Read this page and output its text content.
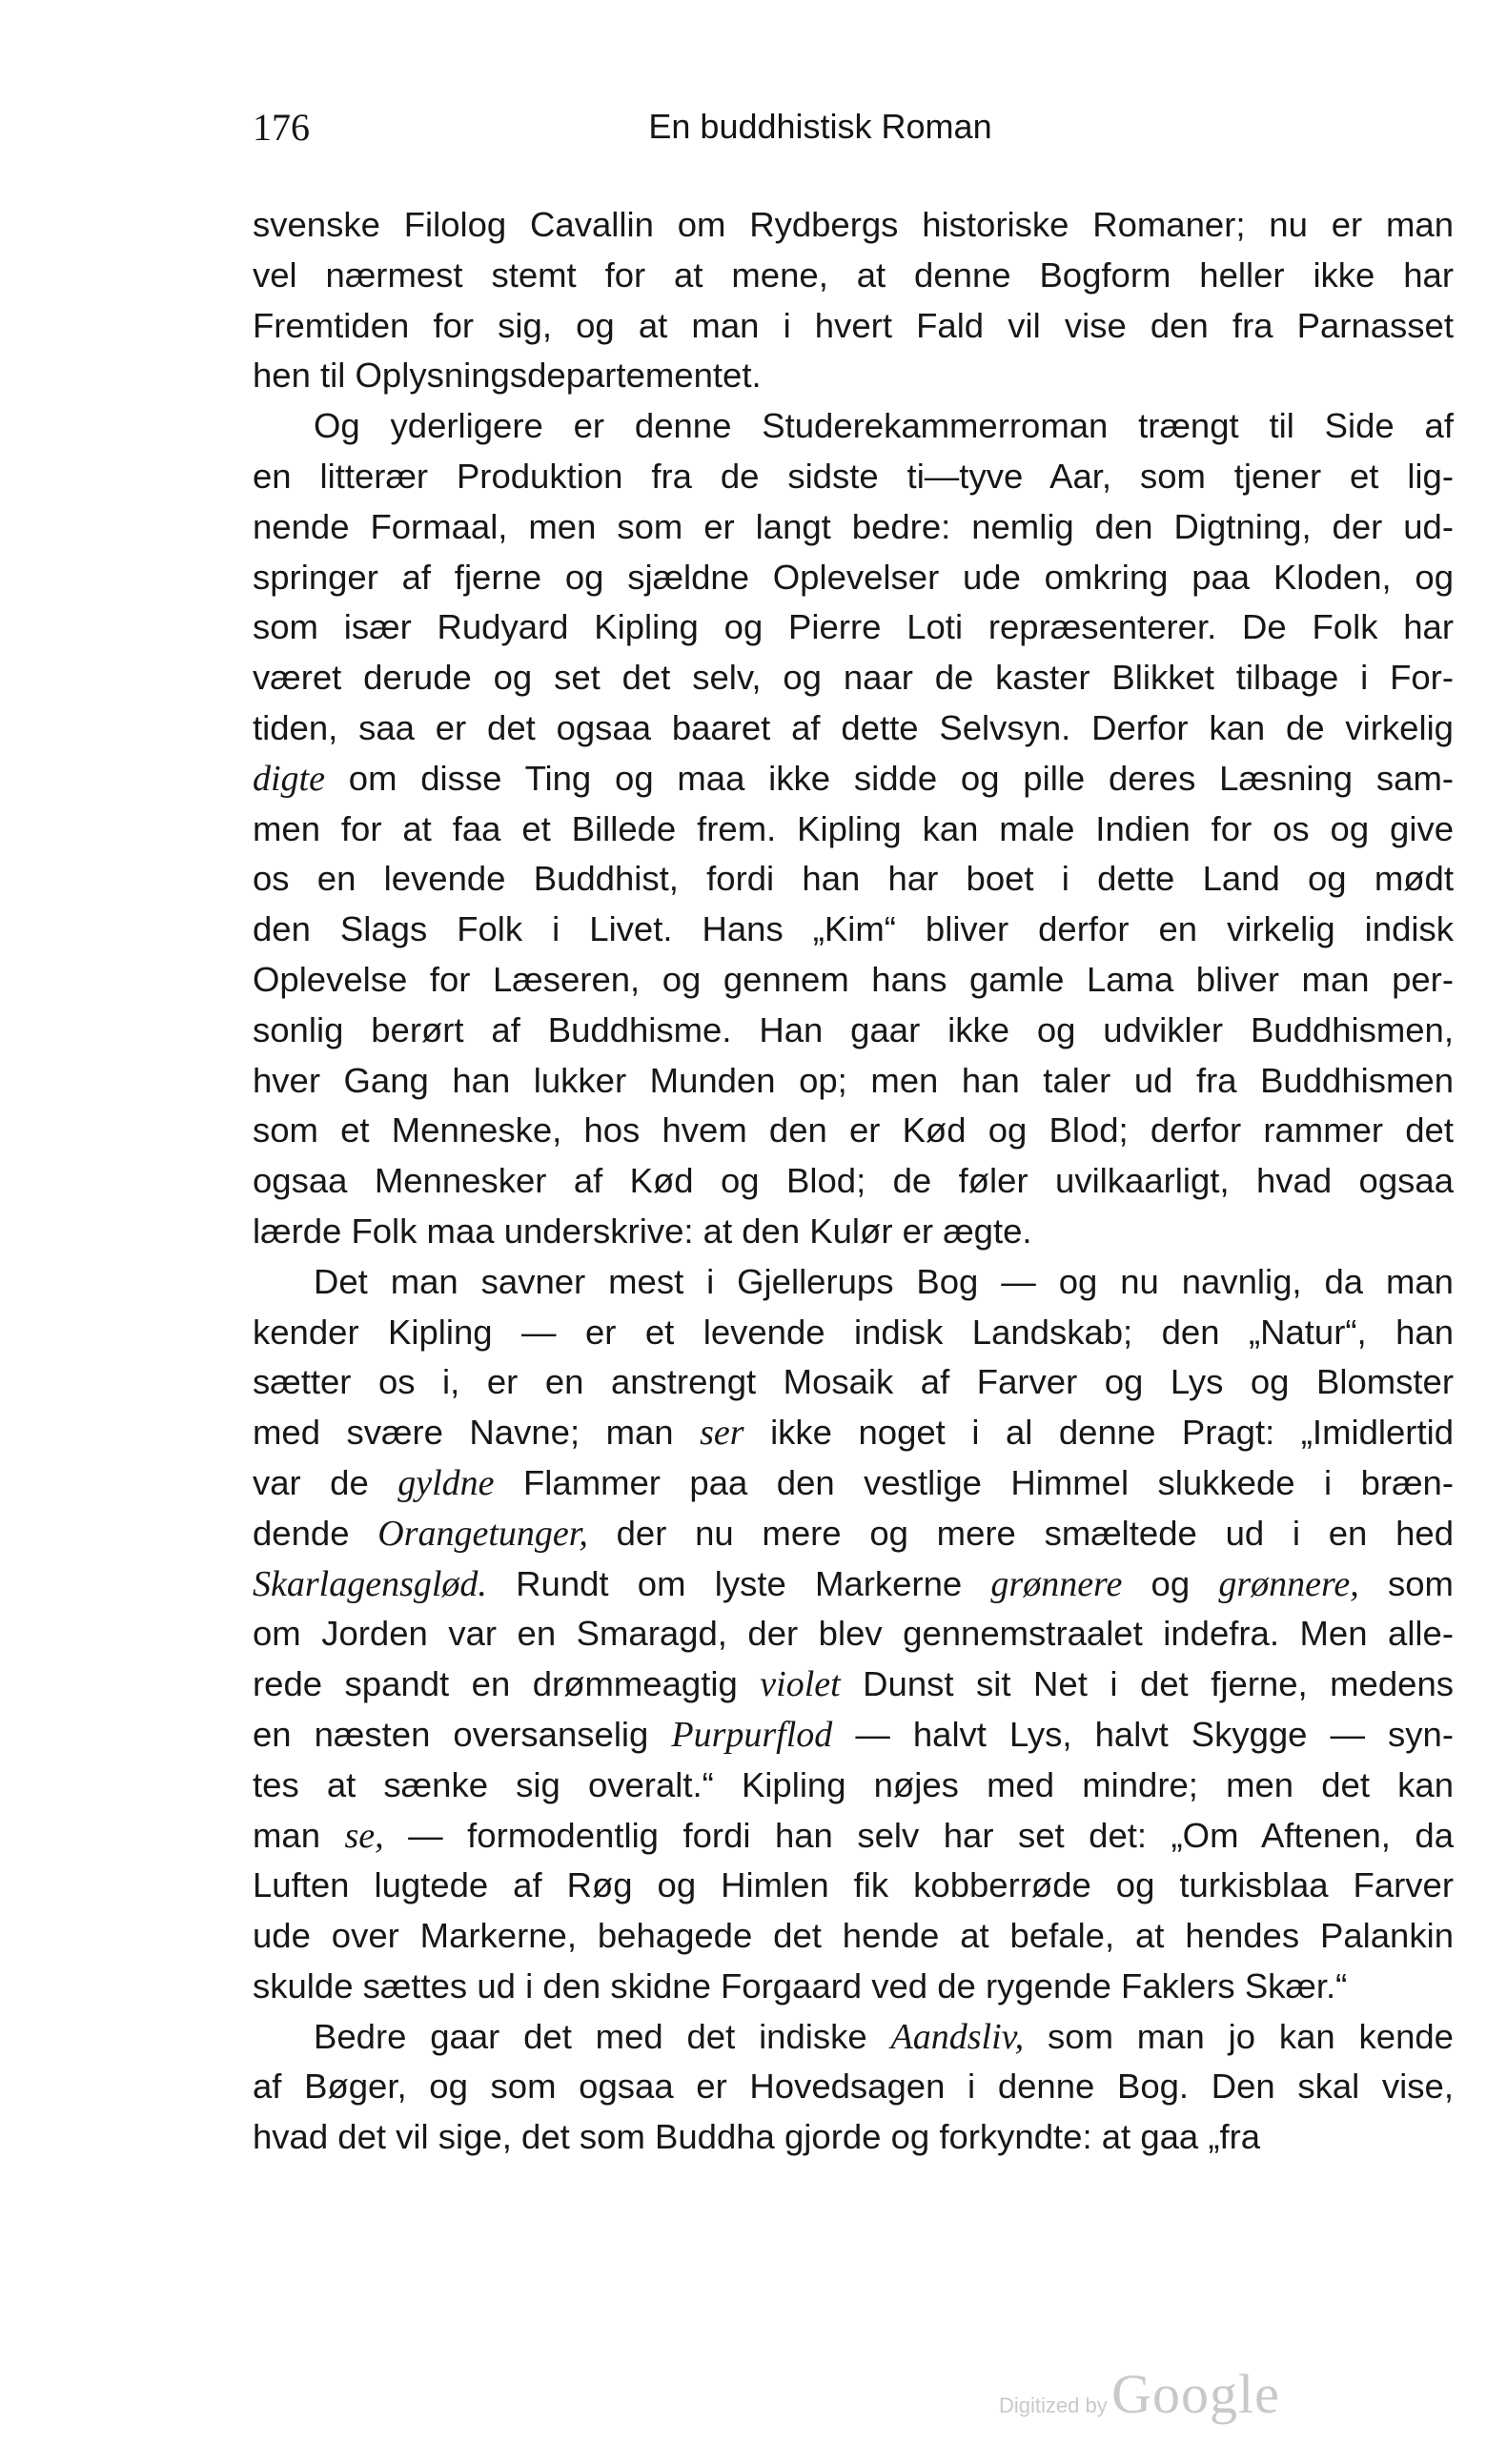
176	En buddhistisk Roman
svenske Filolog Cavallin om Rydbergs historiske Romaner; nu er man
vel nærmest stemt for at mene, at denne Bogform heller ikke har
Fremtiden for sig, og at man i hvert Fald vil vise den fra Parnasset
hen til Oplysningsdepartementet.
Og yderligere er denne Studerekammerroman trængt til Side af
en litterær Produktion fra de sidste ti—tyve Aar, som tjener et lig-
nende Formaal, men som er langt bedre: nemlig den Digtning, der ud-
springer af fjerne og sjældne Oplevelser ude omkring paa Kloden, og
som især Rudyard Kipling og Pierre Loti repræsenterer. De Folk har
været derude og set det selv, og naar de kaster Blikket tilbage i For-
tiden, saa er det ogsaa baaret af dette Selvsyn. Derfor kan de virkelig
digte om disse Ting og maa ikke sidde og pille deres Læsning sam-
men for at faa et Billede frem. Kipling kan male Indien for os og give
os en levende Buddhist, fordi han har boet i dette Land og mødt
den Slags Folk i Livet. Hans „Kim“ bliver derfor en virkelig indisk
Oplevelse for Læseren, og gennem hans gamle Lama bliver man per-
sonlig berørt af Buddhisme. Han gaar ikke og udvikler Buddhismen,
hver Gang han lukker Munden op; men han taler ud fra Buddhismen
som et Menneske, hos hvem den er Kød og Blod; derfor rammer det
ogsaa Mennesker af Kød og Blod; de føler uvilkaarligt, hvad ogsaa
lærde Folk maa underskrive: at den Kulør er ægte.
Det man savner mest i Gjellerups Bog — og nu navnlig, da man
kender Kipling — er et levende indisk Landskab; den „Natur“, han
sætter os i, er en anstrengt Mosaik af Farver og Lys og Blomster
med svære Navne; man ser ikke noget i al denne Pragt: „Imidlertid
var de gyldne Flammer paa den vestlige Himmel slukkede i bræn-
dende Orangetunger, der nu mere og mere smæltede ud i en hed
Skarlagensglød. Rundt om lyste Markerne grønnere og grønnere, som
om Jorden var en Smaragd, der blev gennemstraalet indefra. Men alle-
rede spandt en drømmeagtig violet Dunst sit Net i det fjerne, medens
en næsten oversanselig Purpurflod — halvt Lys, halvt Skygge — syn-
tes at sænke sig overalt.“ Kipling nøjes med mindre; men det kan
man se, — formodentlig fordi han selv har set det: „Om Aftenen, da
Luften lugtede af Røg og Himlen fik kobberrøde og turkisblaa Farver
ude over Markerne, behagede det hende at befale, at hendes Palankin
skulde sættes ud i den skidne Forgaard ved de rygende Faklers Skær.“
Bedre gaar det med det indiske Aandsliv, som man jo kan kende
af Bøger, og som ogsaa er Hovedsagen i denne Bog. Den skal vise,
hvad det vil sige, det som Buddha gjorde og forkyndte: at gaa „fra
Digitized by Google
